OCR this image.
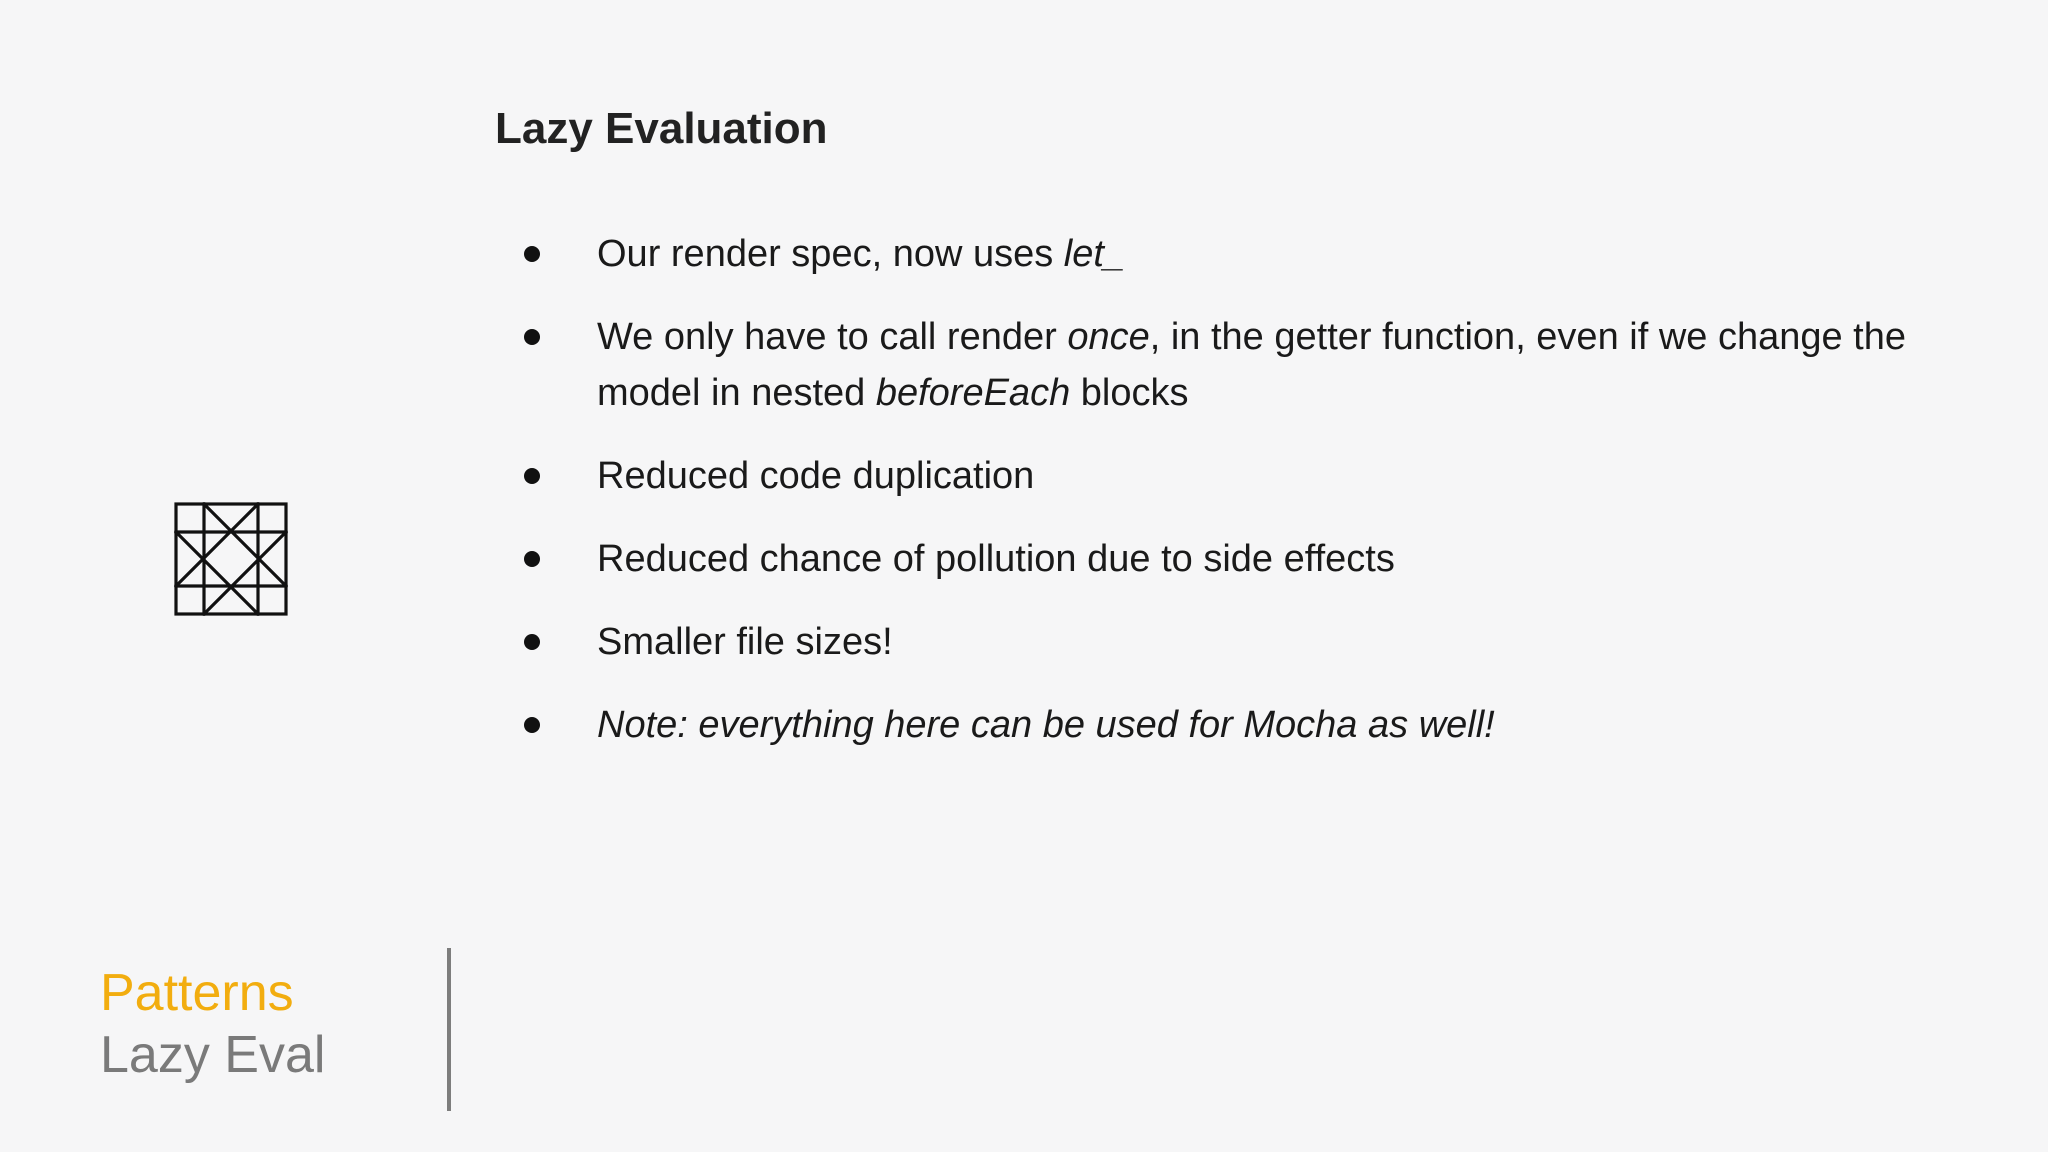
Lazy Evaluation
Our render spec, now uses let_
We only have to call render once, in the getter function, even if we change the model in nested beforeEach blocks
Reduced code duplication
Reduced chance of pollution due to side effects
Smaller file sizes!
Note: everything here can be used for Mocha as well!
Patterns
Lazy Eval
